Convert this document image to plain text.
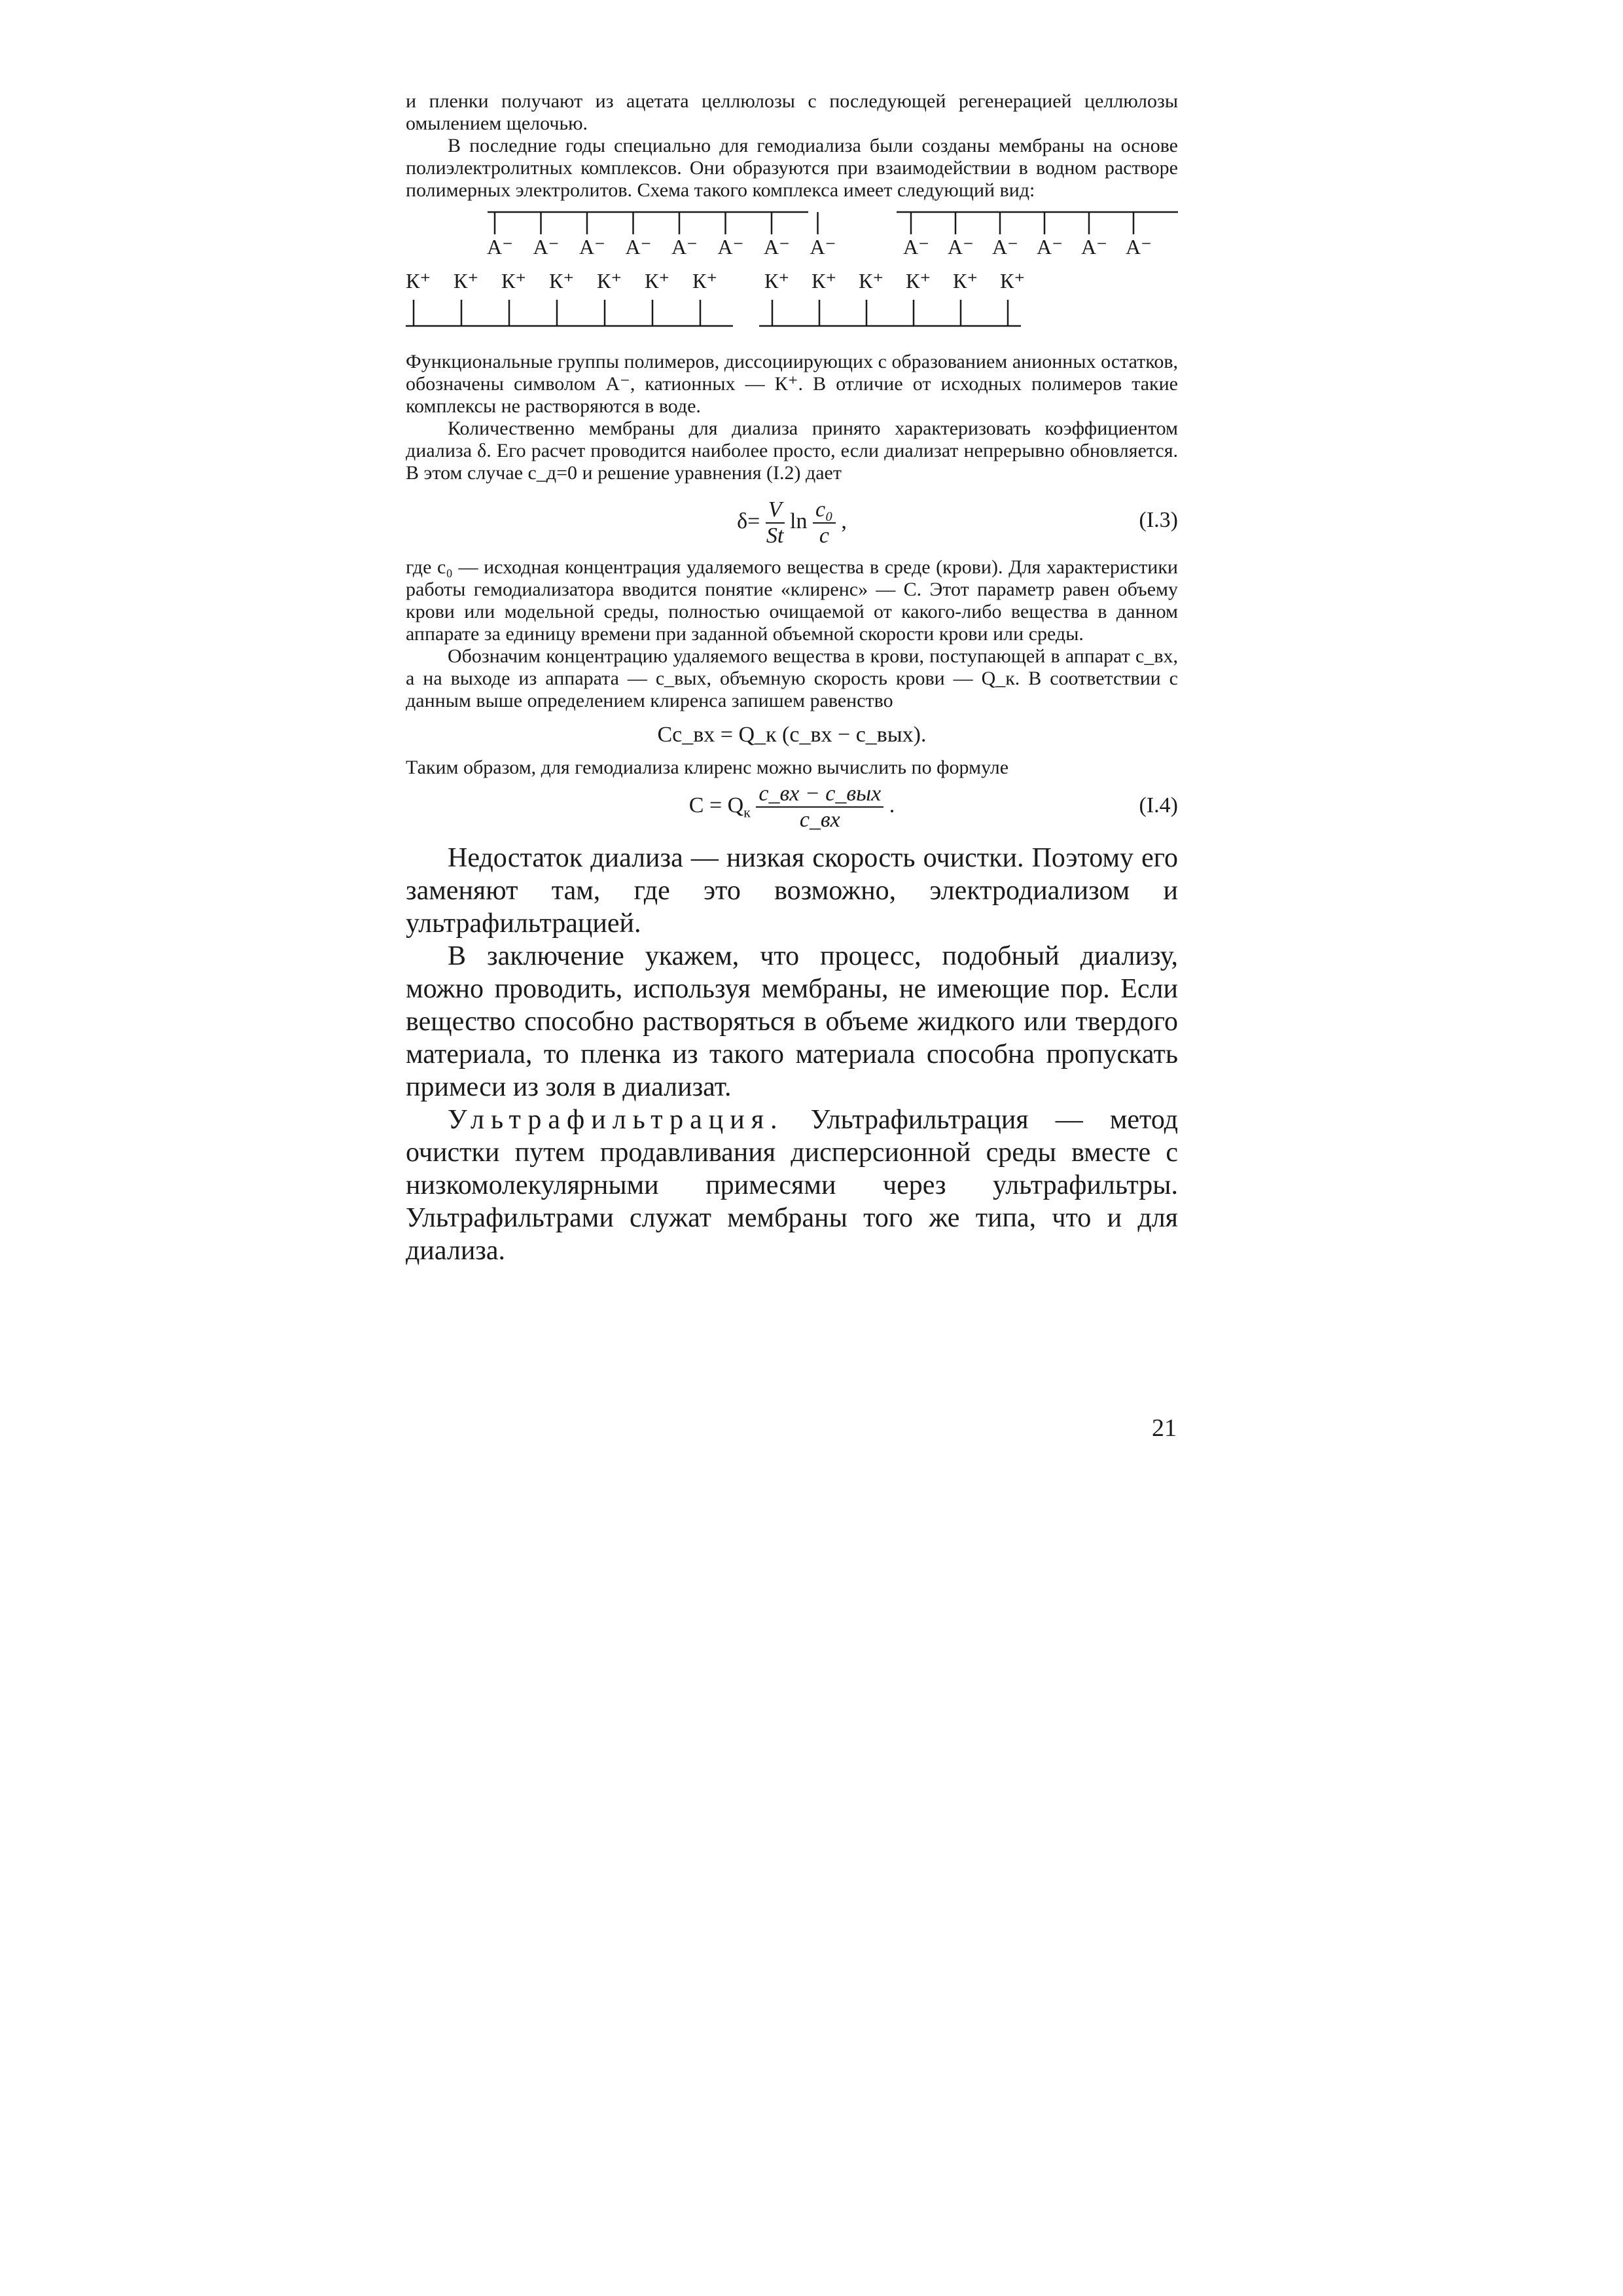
и пленки получают из ацетата целлюлозы с последующей регенерацией целлюлозы омылением щелочью.

В последние годы специально для гемодиализа были созданы мембраны на основе полиэлектролитных комплексов. Они образуются при взаимодействии в водном растворе полимерных электролитов. Схема такого комплекса имеет следующий вид:

А⁻ А⁻ А⁻ А⁻ А⁻ А⁻ А⁻ А⁻	А⁻ А⁻ А⁻ А⁻ А⁻ А⁻
К⁺ К⁺ К⁺ К⁺ К⁺ К⁺ К⁺ К⁺ К⁺ К⁺ К⁺ К⁺ К⁺

Функциональные группы полимеров, диссоциирующих с образованием анионных остатков, обозначены символом А⁻, катионных — К⁺. В отличие от исходных полимеров такие комплексы не растворяются в воде.

Количественно мембраны для диализа принято характеризовать коэффициентом диализа δ. Его расчет проводится наиболее просто, если диализат непрерывно обновляется. В этом случае с_д=0 и решение уравнения (I.2) дает

$\delta= \frac{V}{St}$ $\ln \frac{\text{c₀}}{c}$ ,	(I.3)

где c₀ — исходная концентрация удаляемого вещества в среде (крови). Для характеристики работы гемодиализатора вводится понятие «клиренс» — С. Этот параметр равен объему крови или модельной среды, полностью очищаемой от какого-либо вещества в данном аппарате за единицу времени при заданной объемной скорости крови или среды.

Обозначим концентрацию удаляемого вещества в крови, поступающей в аппарат c_вх, а на выходе из аппарата — c_вых, объемную скорость крови — Q_к. В соответствии с данным выше определением клиренса запишем равенство

Cc_вх = Q_к (c_вх − c_вых).

Таким образом, для гемодиализа клиренс можно вычислить по формуле

$C = Q_к \frac{\text{c\_вх − c\_вых}}{c\_вх}$ .	(I.4)

Недостаток диализа — низкая скорость очистки. Поэтому его заменяют там, где это возможно, электродиализом и ультрафильтрацией.

В заключение укажем, что процесс, подобный диализу, можно проводить, используя мембраны, не имеющие пор. Если вещество способно растворяться в объеме жидкого или твердого материала, то пленка из такого материала способна пропускать примеси из золя в диализат.

Ультрафильтрация. Ультрафильтрация — метод очистки путем продавливания дисперсионной среды вместе с низкомолекулярными примесями через ультрафильтры. Ультрафильтрами служат мембраны того же типа, что и для диализа.

21
